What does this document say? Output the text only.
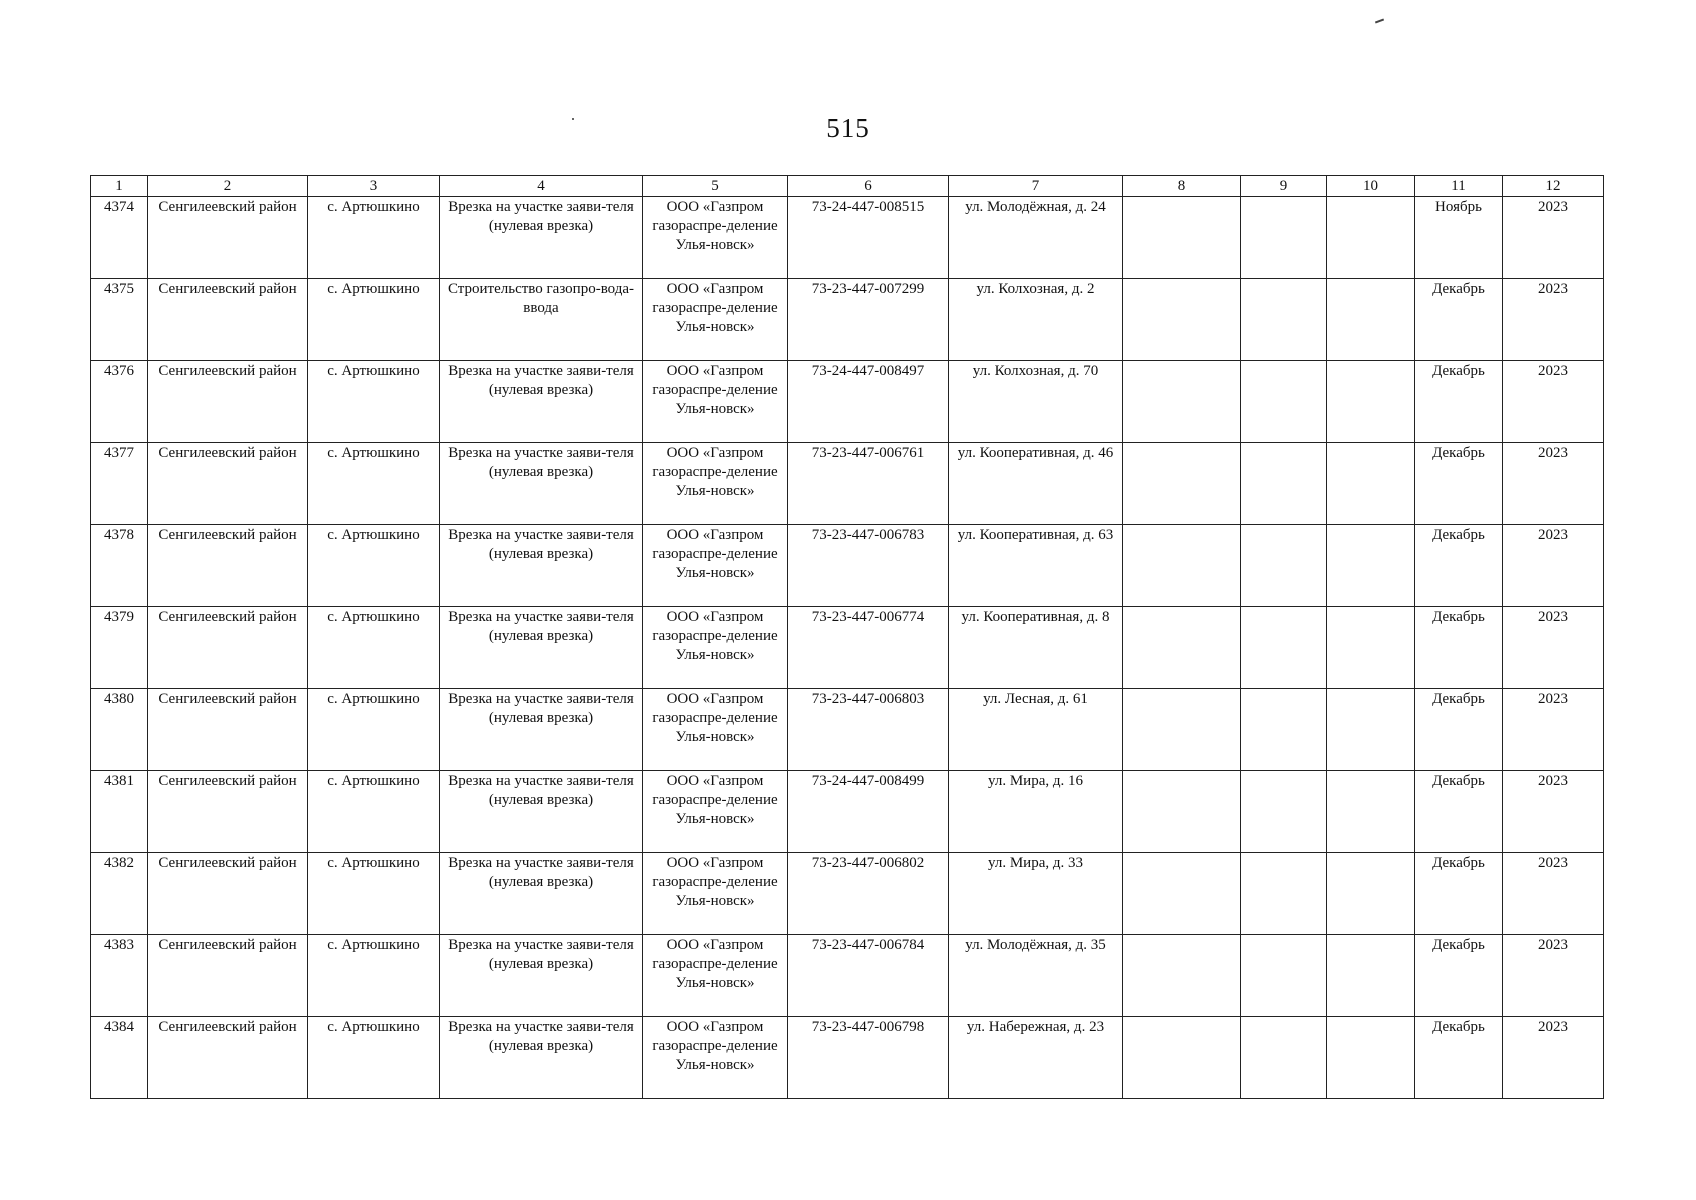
515
1	2	3	4	5	6	7	8	9	10	11	12
4374	Сенгилеевский район	с. Артюшкино	Врезка на участке заяви-теля (нулевая врезка)	ООО «Газпром газораспре-деление Улья-новск»	73-24-447-008515	ул. Молодёжная, д. 24				Ноябрь	2023
4375	Сенгилеевский район	с. Артюшкино	Строительство газопро-вода-ввода	ООО «Газпром газораспре-деление Улья-новск»	73-23-447-007299	ул. Колхозная, д. 2				Декабрь	2023
4376	Сенгилеевский район	с. Артюшкино	Врезка на участке заяви-теля (нулевая врезка)	ООО «Газпром газораспре-деление Улья-новск»	73-24-447-008497	ул. Колхозная, д. 70				Декабрь	2023
4377	Сенгилеевский район	с. Артюшкино	Врезка на участке заяви-теля (нулевая врезка)	ООО «Газпром газораспре-деление Улья-новск»	73-23-447-006761	ул. Кооперативная, д. 46				Декабрь	2023
4378	Сенгилеевский район	с. Артюшкино	Врезка на участке заяви-теля (нулевая врезка)	ООО «Газпром газораспре-деление Улья-новск»	73-23-447-006783	ул. Кооперативная, д. 63				Декабрь	2023
4379	Сенгилеевский район	с. Артюшкино	Врезка на участке заяви-теля (нулевая врезка)	ООО «Газпром газораспре-деление Улья-новск»	73-23-447-006774	ул. Кооперативная, д. 8				Декабрь	2023
4380	Сенгилеевский район	с. Артюшкино	Врезка на участке заяви-теля (нулевая врезка)	ООО «Газпром газораспре-деление Улья-новск»	73-23-447-006803	ул. Лесная, д. 61				Декабрь	2023
4381	Сенгилеевский район	с. Артюшкино	Врезка на участке заяви-теля (нулевая врезка)	ООО «Газпром газораспре-деление Улья-новск»	73-24-447-008499	ул. Мира, д. 16				Декабрь	2023
4382	Сенгилеевский район	с. Артюшкино	Врезка на участке заяви-теля (нулевая врезка)	ООО «Газпром газораспре-деление Улья-новск»	73-23-447-006802	ул. Мира, д. 33				Декабрь	2023
4383	Сенгилеевский район	с. Артюшкино	Врезка на участке заяви-теля (нулевая врезка)	ООО «Газпром газораспре-деление Улья-новск»	73-23-447-006784	ул. Молодёжная, д. 35				Декабрь	2023
4384	Сенгилеевский район	с. Артюшкино	Врезка на участке заяви-теля (нулевая врезка)	ООО «Газпром газораспре-деление Улья-новск»	73-23-447-006798	ул. Набережная, д. 23				Декабрь	2023
